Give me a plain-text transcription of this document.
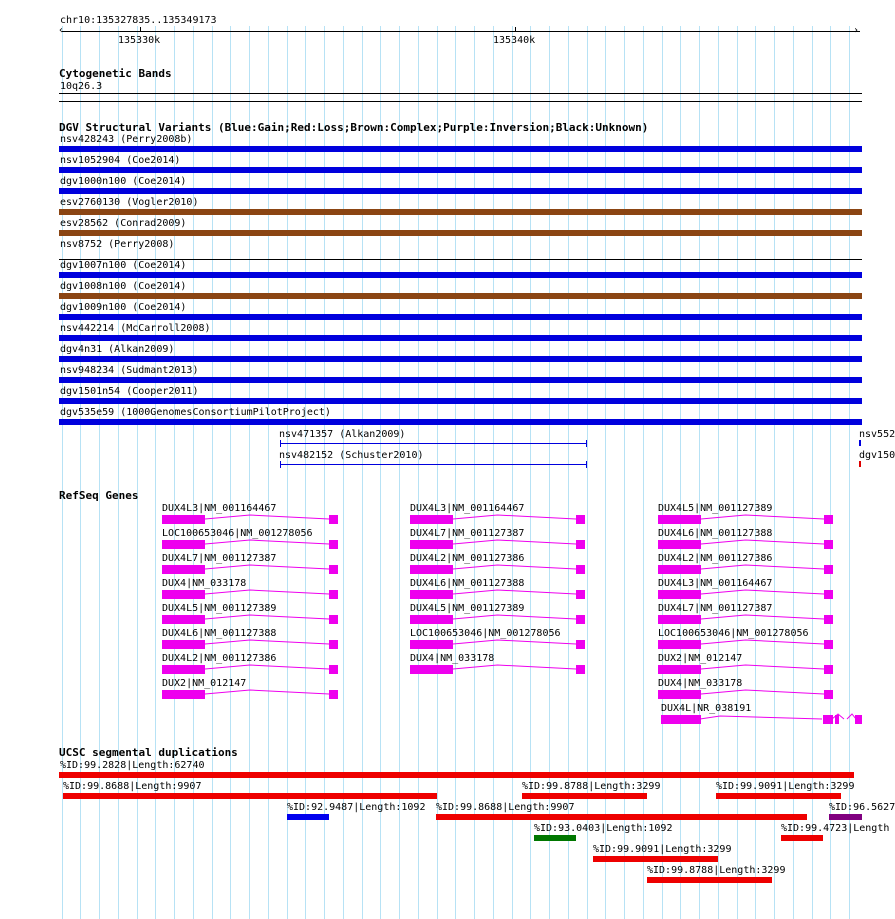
chr10:135327835..135349173
‹	›
135330k	135340k
Cytogenetic Bands
10q26.3
DGV Structural Variants (Blue:Gain;Red:Loss;Brown:Complex;Purple:Inversion;Black:Unknown)
nsv428243 (Perry2008b)
nsv1052904 (Coe2014)
dgv1000n100 (Coe2014)
esv2760130 (Vogler2010)
esv28562 (Conrad2009)
nsv8752 (Perry2008)
dgv1007n100 (Coe2014)
dgv1008n100 (Coe2014)
dgv1009n100 (Coe2014)
nsv442214 (McCarroll2008)
dgv4n31 (Alkan2009)
nsv948234 (Sudmant2013)
dgv1501n54 (Cooper2011)
dgv535e59 (1000GenomesConsortiumPilotProject)
nsv471357 (Alkan2009)
nsv482152 (Schuster2010)
nsv552
dgv150
RefSeq Genes
DUX4L3|NM_001164467
LOC100653046|NM_001278056
DUX4L7|NM_001127387
DUX4|NM_033178
DUX4L5|NM_001127389
DUX4L6|NM_001127388
DUX4L2|NM_001127386
DUX2|NM_012147
DUX4L3|NM_001164467
DUX4L7|NM_001127387
DUX4L2|NM_001127386
DUX4L6|NM_001127388
DUX4L5|NM_001127389
LOC100653046|NM_001278056
DUX4|NM_033178
DUX4L5|NM_001127389
DUX4L6|NM_001127388
DUX4L2|NM_001127386
DUX4L3|NM_001164467
DUX4L7|NM_001127387
LOC100653046|NM_001278056
DUX2|NM_012147
DUX4|NM_033178
DUX4L|NR_038191
UCSC segmental duplications
%ID:99.2828|Length:62740
%ID:99.8688|Length:9907	%ID:99.8788|Length:3299	%ID:99.9091|Length:3299
%ID:92.9487|Length:1092 %ID:99.8688|Length:9907	%ID:96.5627
%ID:93.0403|Length:1092	%ID:99.4723|Length
%ID:99.9091|Length:3299
%ID:99.8788|Length:3299
